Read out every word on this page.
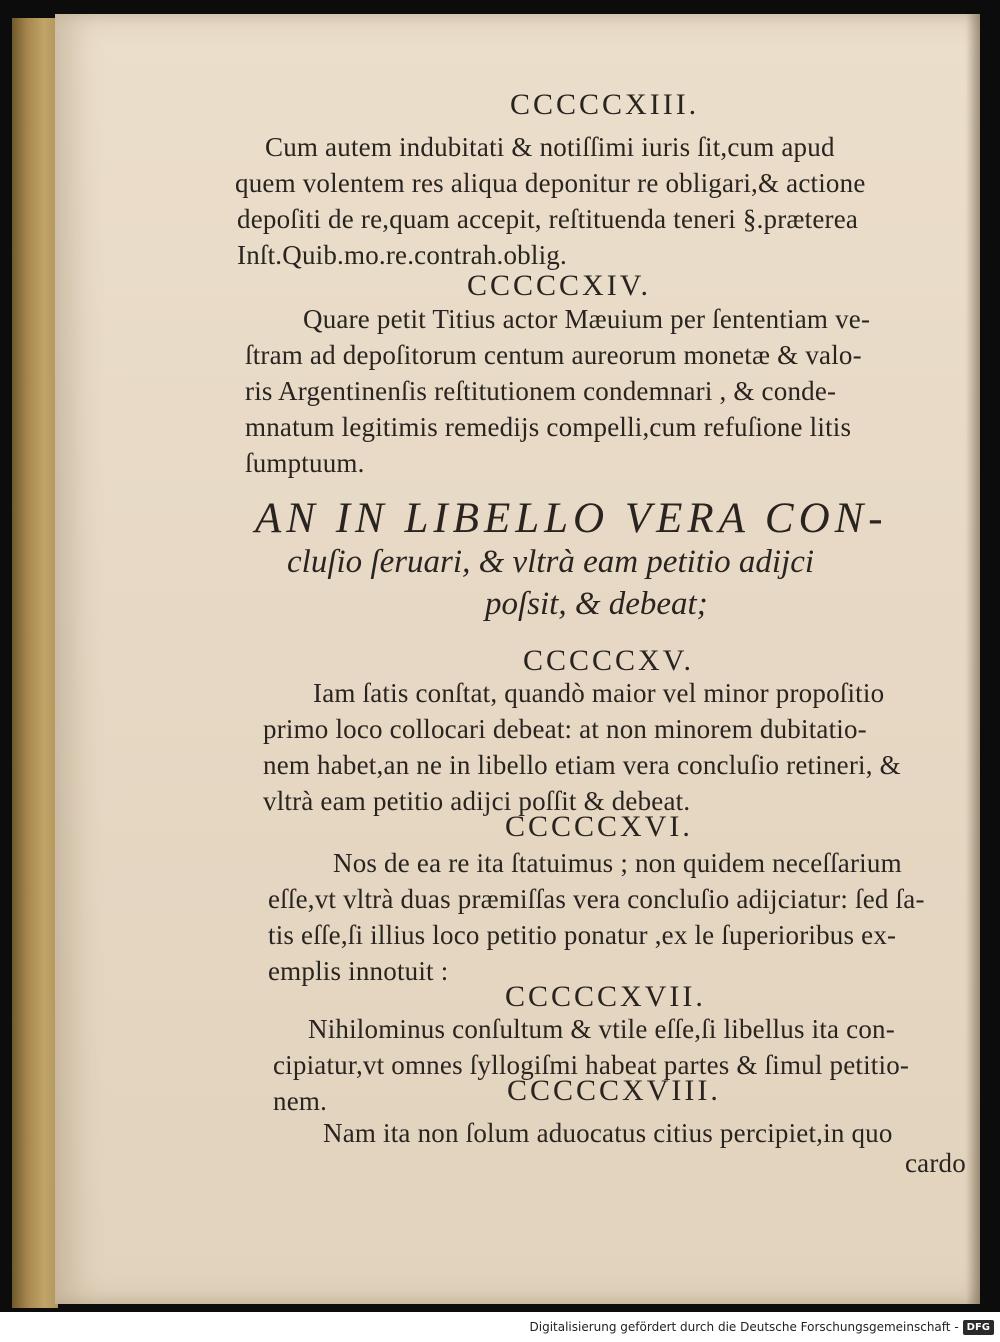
CCCCCXIII.
Cum autem indubitati & notiſſimi iuris ſit,cum apud
quem volentem res aliqua deponitur re obligari,& actione
depoſiti de re,quam accepit, reſtituenda teneri §.præterea
Inſt.Quib.mo.re.contrah.oblig.
CCCCCXIV.
Quare petit Titius actor Mæuium per ſententiam ve-
ſtram ad depoſitorum centum aureorum monetæ & valo-
ris Argentinenſis reſtitutionem condemnari , & conde-
mnatum legitimis remedijs compelli,cum refuſione litis
ſumptuum.
AN IN LIBELLO VERA CON-
cluſio ſeruari, & vltrà eam petitio adijci
poſsit, & debeat;
CCCCCXV.
Iam ſatis conſtat, quandò maior vel minor propoſitio
primo loco collocari debeat: at non minorem dubitatio-
nem habet,an ne in libello etiam vera concluſio retineri, &
vltrà eam petitio adijci poſſit & debeat.
CCCCCXVI.
Nos de ea re ita ſtatuimus ; non quidem neceſſarium
eſſe,vt vltrà duas præmiſſas vera concluſio adijciatur: ſed ſa-
tis eſſe,ſi illius loco petitio ponatur ,ex le ſuperioribus ex-
emplis innotuit :
CCCCCXVII.
Nihilominus conſultum & vtile eſſe,ſi libellus ita con-
cipiatur,vt omnes ſyllogiſmi habeat partes & ſimul petitio-
nem.	CCCCCXVIII.
Nam ita non ſolum aduocatus citius percipiet,in quo
cardo
Digitalisierung gefördert durch die Deutsche Forschungsgemeinschaft - DFG
